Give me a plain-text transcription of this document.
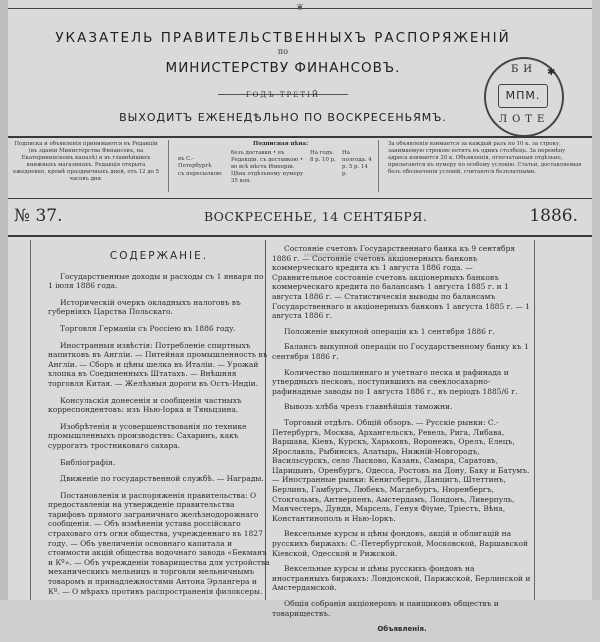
❦
УКАЗАТЕЛЬ ПРАВИТЕЛЬСТВЕННЫХЪ РАСПОРЯЖЕНІЙ
по
МИНИСТЕРСТВУ ФИНАНСОВЪ.
ГОДЪ ТРЕТІЙ
ВЫХОДИТЪ ЕЖЕНЕДѢЛЬНО ПО ВОСКРЕСЕНЬЯМЪ.
БИ ✱
МПМ.
ЛОТЕ
Подписка и объявленія принимаются въ Редакціи (въ зданіи Министерства Финансовъ, на Екатерининскомъ каналѣ) и въ главнѣйшихъ книжныхъ магазинахъ. Редакція открыта ежедневно, кромѣ праздничныхъ дней, отъ 12 до 5 часовъ дня.
Подписная цѣна:
въ С.-Петербургѣ
съ пересылкою
безъ доставки • въ Редакціи. съ доставкою • во всѣ мѣста Имперіи. Цѣна отдѣльному нумеру 35 коп.
На годъ. 8 р. 10 р.
На полгода. 4 р. 5 р. 14 р.
За объявленія взимается за каждый разъ по 10 к. за строку, занимаемую строкою петитъ въ одинъ столбецъ. За перемѣну адреса взимается 20 к. Объявленія, отпечатанныя отдѣльно, прилагаются къ нумеру по особому условію. Статьи, доставляемыя безъ обозначенія условій, считаются безплатными.
№ 37.	ВОСКРЕСЕНЬЕ, 14 СЕНТЯБРЯ.	1886.
СОДЕРЖАНІЕ.

Государственные доходы и расходы съ 1 января по 1 іюля 1886 года.

Историческій очеркъ окладныхъ налоговъ въ губерніяхъ Царства Польскаго.

Торговля Германіи съ Россіею въ 1886 году.

Иностранныя извѣстія: Потребленіе спиртныхъ напитковъ въ Англіи. — Питейная промышленность въ Англіи. — Сборъ и цѣны шелка въ Италіи. — Урожай хлопка въ Соединенныхъ Штатахъ. — Внѣшняя торговля Китая. — Желѣзныя дороги въ Остъ-Индіи.

Консульскія донесенія и сообщенія частныхъ корреспондентовъ: изъ Нью-Іорка и Тяньцзина.

Изобрѣтенія и усовершенствованія по технике промышленныхъ производствъ: Сахаринъ, какъ суррогатъ тростниковаго сахара.

Библіографія.

Движеніе по государственной службѣ. — Награды.

Постановленія и распоряженія правительства: О предоставленіи на утвержденіе правительства тарифовъ прямого заграничнаго желѣзнодорожнаго сообщенія. — Объ измѣненіи устава россійскаго страховаго отъ огня общества, учрежденнаго въ 1827 году. — Объ увеличеніи основнаго капитала и стоимости акцій общества водочнаго завода «Бекманъ и Кº». — Объ учрежденіи товарищества для устройства механическихъ мельницъ и торговли мельничнымъ товаромъ и принадлежностями Антона Эрлангера и Кº. — О мѣрахъ противъ распространенія филоксеры.

Состояніе счетовъ Государственнаго банка къ 9 сентября 1886 г. — Состояніе счетовъ акціонерныхъ банковъ коммерческаго кредита къ 1 августа 1886 года. — Сравнительное состояніе счетовъ акціонерныхъ банковъ коммерческаго кредита по балансамъ 1 августа 1885 г. и 1 августа 1886 г. — Статистическія выводы по балансамъ Государственнаго и акціонерныхъ банковъ 1 августа 1885 г. — 1 августа 1886 г.

Положеніе выкупной операціи къ 1 сентября 1886 г.

Балансъ выкупной операціи по Государственному банку къ 1 сентября 1886 г.

Количество пошлиннаго и учетнаго песка и рафинада и утвердныхъ песковъ, поступившихъ на свеклосахарно-рафинадные заводы по 1 августа 1886 г., въ періодъ 1885/6 г.

Вывозъ хлѣба чрезъ главнѣйшія таможни.

Торговый отдѣлъ. Общій обзоръ. — Русскіе рынки: С.-Петербургъ, Москва, Архангельскъ, Ревель, Рига, Либава, Варшава, Кіевъ, Курскъ, Харьковъ, Воронежъ, Орелъ, Елецъ, Ярославль, Рыбинскъ, Алатырь, Нижній-Новгородъ, Васильсурскъ, село Лысково, Казань, Самара, Саратовъ, Царицынъ, Оренбургъ, Одесса, Ростовъ на Дону, Баку и Батумъ. — Иностранные рынки: Кенигсбергъ, Данцигъ, Штеттинъ, Берлинъ, Гамбургъ, Любекъ, Магдебургъ, Нюренбергъ, Стокгольмъ, Антверпенъ, Амстердамъ, Лондонъ, Ливерпуль, Манчестеръ, Дунди, Марсель, Генуя Фіуме, Тріестъ, Вѣна, Константинополь и Нью-Іоркъ.

Вексельные курсы и цѣны фондовъ, акцій и облигацій на русскихъ биржахъ: С.-Петербургской, Московской, Варшавской Кіевской, Одесской и Рижской.

Вексельные курсы и цѣны русскихъ фондовъ на иностранныхъ биржахъ: Лондонской, Парижской, Берлинской и Амстердамской.

Общія собранія акціонеровъ и паищиковъ обществъ и товариществъ.

Объявленія.
